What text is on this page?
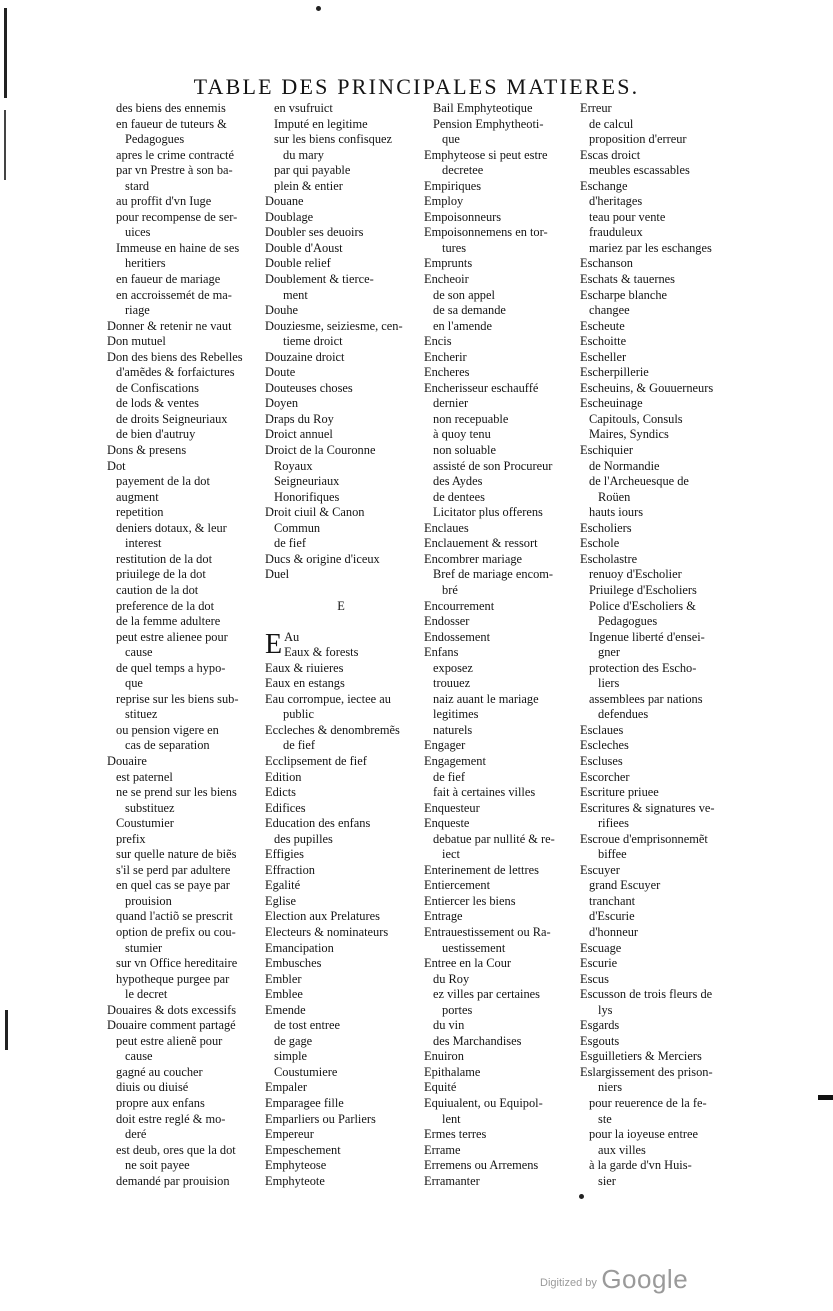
TABLE DES PRINCIPALES MATIERES.
des biens des ennemis
en faueur de tuteurs &
Pedagogues
apres le crime contracté
par vn Prestre à son ba-
stard
au proffit d'vn Iuge
pour recompense de ser-
uices
Immeuse en haine de ses
heritiers
en faueur de mariage
en accroissemét de ma-
riage
Donner & retenir ne vaut
Don mutuel
Don des biens des Rebelles
d'amẽdes & forfaictures
de Confiscations
de lods & ventes
de droits Seigneuriaux
de bien d'autruy
Dons & presens
Dot
payement de la dot
augment
repetition
deniers dotaux, & leur
interest
restitution de la dot
priuilege de la dot
caution de la dot
preference de la dot
de la femme adultere
peut estre alienee pour
cause
de quel temps a hypo-
que
reprise sur les biens sub-
stituez
ou pension vigere en
cas de separation
Douaire
est paternel
ne se prend sur les biens
substituez
Coustumier
prefix
sur quelle nature de biẽs
s'il se perd par adultere
en quel cas se paye par
prouision
quand l'actiõ se prescrit
option de prefix ou cou-
stumier
sur vn Office hereditaire
hypotheque purgee par
le decret
Douaires & dots excessifs
Douaire comment partagé
peut estre alienẽ pour
cause
gagné au coucher
diuis ou diuisé
propre aux enfans
doit estre reglé & mo-
deré
est deub, ores que la dot
ne soit payee
demandé par prouision
en vsufruict
Imputé en legitime
sur les biens confisquez
du mary
par qui payable
plein & entier
Douane
Doublage
Doubler ses deuoirs
Double d'Aoust
Double relief
Doublement & tierce-
ment
Douhe
Douziesme, seiziesme, cen-
tieme droict
Douzaine droict
Doute
Douteuses choses
Doyen
Draps du Roy
Droict annuel
Droict de la Couronne
Royaux
Seigneuriaux
Honorifiques
Droit ciuil & Canon
Commun
de fief
Ducs & origine d'iceux
Duel
E
E Au
Eaux & forests
Eaux & riuieres
Eaux en estangs
Eau corrompue, iectee au
public
Eccleches & denombremẽs
de fief
Ecclipsement de fief
Edition
Edicts
Edifices
Education des enfans
des pupilles
Effigies
Effraction
Egalité
Eglise
Election aux Prelatures
Electeurs & nominateurs
Emancipation
Embusches
Embler
Emblee
Emende
de tost entree
de gage
simple
Coustumiere
Empaler
Emparagee fille
Emparliers ou Parliers
Empereur
Empeschement
Emphyteose
Emphyteote
Bail Emphyteotique
Pension Emphytheoti-
que
Emphyteose si peut estre
decretee
Empiriques
Employ
Empoisonneurs
Empoisonnemens en tor-
tures
Emprunts
Encheoir
de son appel
de sa demande
en l'amende
Encis
Encherir
Encheres
Encherisseur eschauffé
dernier
non recepuable
à quoy tenu
non soluable
assisté de son Procureur
des Aydes
de dentees
Licitator plus offerens
Enclaues
Enclauement & ressort
Encombrer mariage
Bref de mariage encom-
bré
Encourrement
Endosser
Endossement
Enfans
exposez
trouuez
naiz auant le mariage
legitimes
naturels
Engager
Engagement
de fief
fait à certaines villes
Enquesteur
Enqueste
debatue par nullité & re-
iect
Enterinement de lettres
Entiercement
Entiercer les biens
Entrage
Entrauestissement ou Ra-
uestissement
Entree en la Cour
du Roy
ez villes par certaines
portes
du vin
des Marchandises
Enuiron
Epithalame
Equité
Equiualent, ou Equipol-
lent
Ermes terres
Errame
Erremens ou Arremens
Erramanter
Erreur
de calcul
proposition d'erreur
Escas droict
meubles escassables
Eschange
d'heritages
teau pour vente
frauduleux
mariez par les eschanges
Eschanson
Eschats & tauernes
Escharpe blanche
changee
Escheute
Eschoitte
Escheller
Escherpillerie
Escheuins, & Gouuerneurs
Escheuinage
Capitouls, Consuls
Maires, Syndics
Eschiquier
de Normandie
de l'Archeuesque de
Roüen
hauts iours
Escholiers
Eschole
Escholastre
renuoy d'Escholier
Priuilege d'Escholiers
Police d'Escholiers &
Pedagogues
Ingenue liberté d'ensei-
gner
protection des Escho-
liers
assemblees par nations
defendues
Esclaues
Escleches
Escluses
Escorcher
Escriture priuee
Escritures & signatures ve-
rifiees
Escroue d'emprisonnemẽt
biffee
Escuyer
grand Escuyer
tranchant
d'Escurie
d'honneur
Escuage
Escurie
Escus
Escusson de trois fleurs de
lys
Esgards
Esgouts
Esguilletiers & Merciers
Eslargissement des prison-
niers
pour reuerence de la fe-
ste
pour la ioyeuse entree
aux villes
à la garde d'vn Huis-
sier
Digitized by Google
